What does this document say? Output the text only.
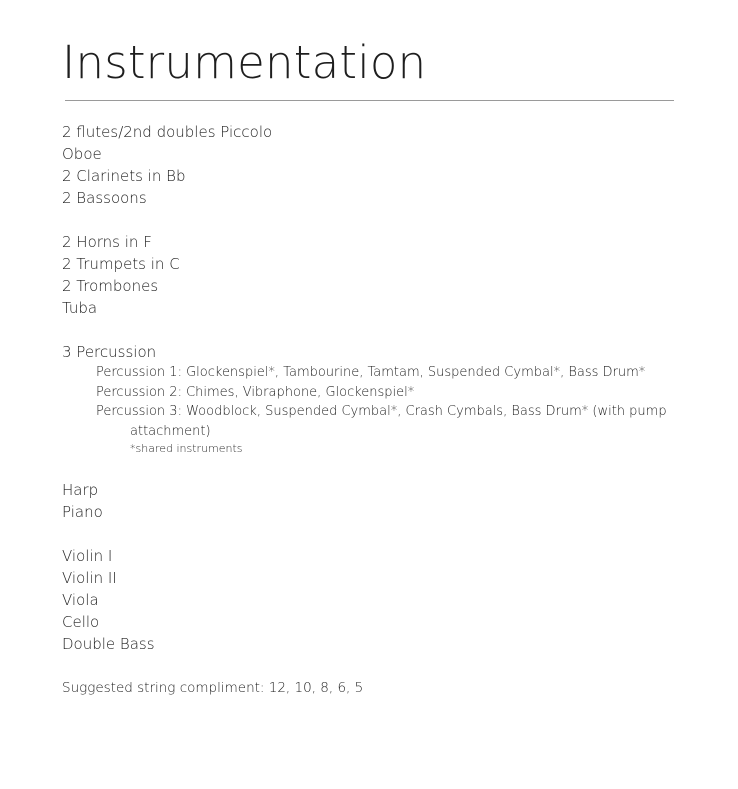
Instrumentation
2 flutes/2nd doubles Piccolo
Oboe
2 Clarinets in Bb
2 Bassoons
2 Horns in F
2 Trumpets in C
2 Trombones
Tuba
3 Percussion
Percussion 1: Glockenspiel*, Tambourine, Tamtam, Suspended Cymbal*, Bass Drum*
Percussion 2: Chimes, Vibraphone, Glockenspiel*
Percussion 3: Woodblock, Suspended Cymbal*, Crash Cymbals, Bass Drum* (with pump attachment)
*shared instruments
Harp
Piano
Violin I
Violin II
Viola
Cello
Double Bass
Suggested string compliment: 12, 10, 8, 6, 5
